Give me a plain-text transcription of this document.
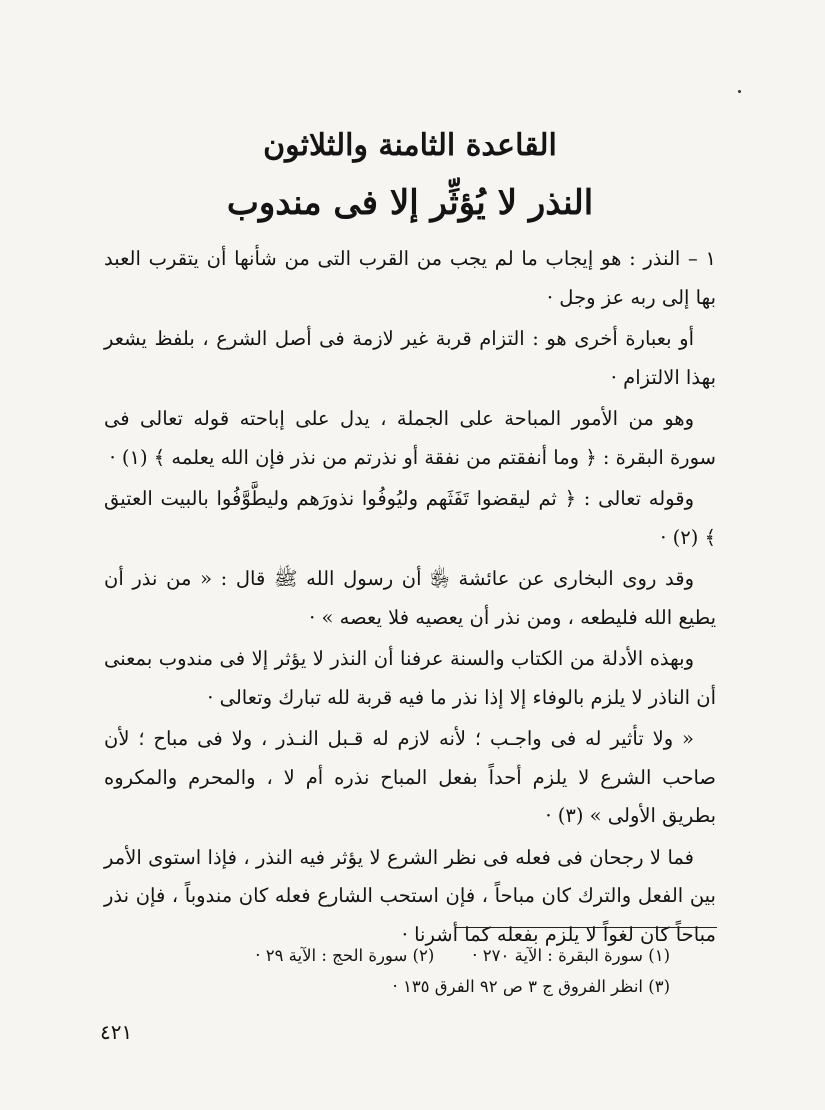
القاعدة الثامنة والثلاثون
النذر لا يُؤثِّر إلا فى مندوب

١ – النذر : هو إيجاب ما لم يجب من القرب التى من شأنها أن يتقرب العبد بها إلى ربه عز وجل ·

أو بعبارة أخرى هو : التزام قربة غير لازمة فى أصل الشرع ، بلفظ يشعر بهذا الالتزام ·

وهو من الأمور المباحة على الجملة ، يدل على إباحته قوله تعالى فى سورة البقرة : ﴿ وما أنفقتم من نفقة أو نذرتم من نذر فإن الله يعلمه ﴾ (١) ·

وقوله تعالى : ﴿ ثم ليقضوا تَفَثَهم وليُوفُوا نذورَهم وليطَّوَّفُوا بالبيت العتيق ﴾ (٢) ·

وقد روى البخارى عن عائشة ﵂ أن رسول الله ﷺ قال : « من نذر أن يطيع الله فليطعه ، ومن نذر أن يعصيه فلا يعصه » ·

وبهذه الأدلة من الكتاب والسنة عرفنا أن النذر لا يؤثر إلا فى مندوب بمعنى أن الناذر لا يلزم بالوفاء إلا إذا نذر ما فيه قربة لله تبارك وتعالى ·

« ولا تأثير له فى واجـب ؛ لأنه لازم له قـبل النـذر ، ولا فى مباح ؛ لأن صاحب الشرع لا يلزم أحداً بفعل المباح نذره أم لا ، والمحرم والمكروه بطريق الأولى » (٣) ·

فما لا رجحان فى فعله فى نظر الشرع لا يؤثر فيه النذر ، فإذا استوى الأمر بين الفعل والترك كان مباحاً ، فإن استحب الشارع فعله كان مندوباً ، فإن نذر مباحاً كان لغواً لا يلزم بفعله كما أشرنا ·

(١) سورة البقرة : الآية ٢٧٠ ·
(٢) سورة الحج : الآية ٢٩ ·
(٣) انظر الفروق ج ٣ ص ٩٢ الفرق ١٣٥ ·
٤٢١
